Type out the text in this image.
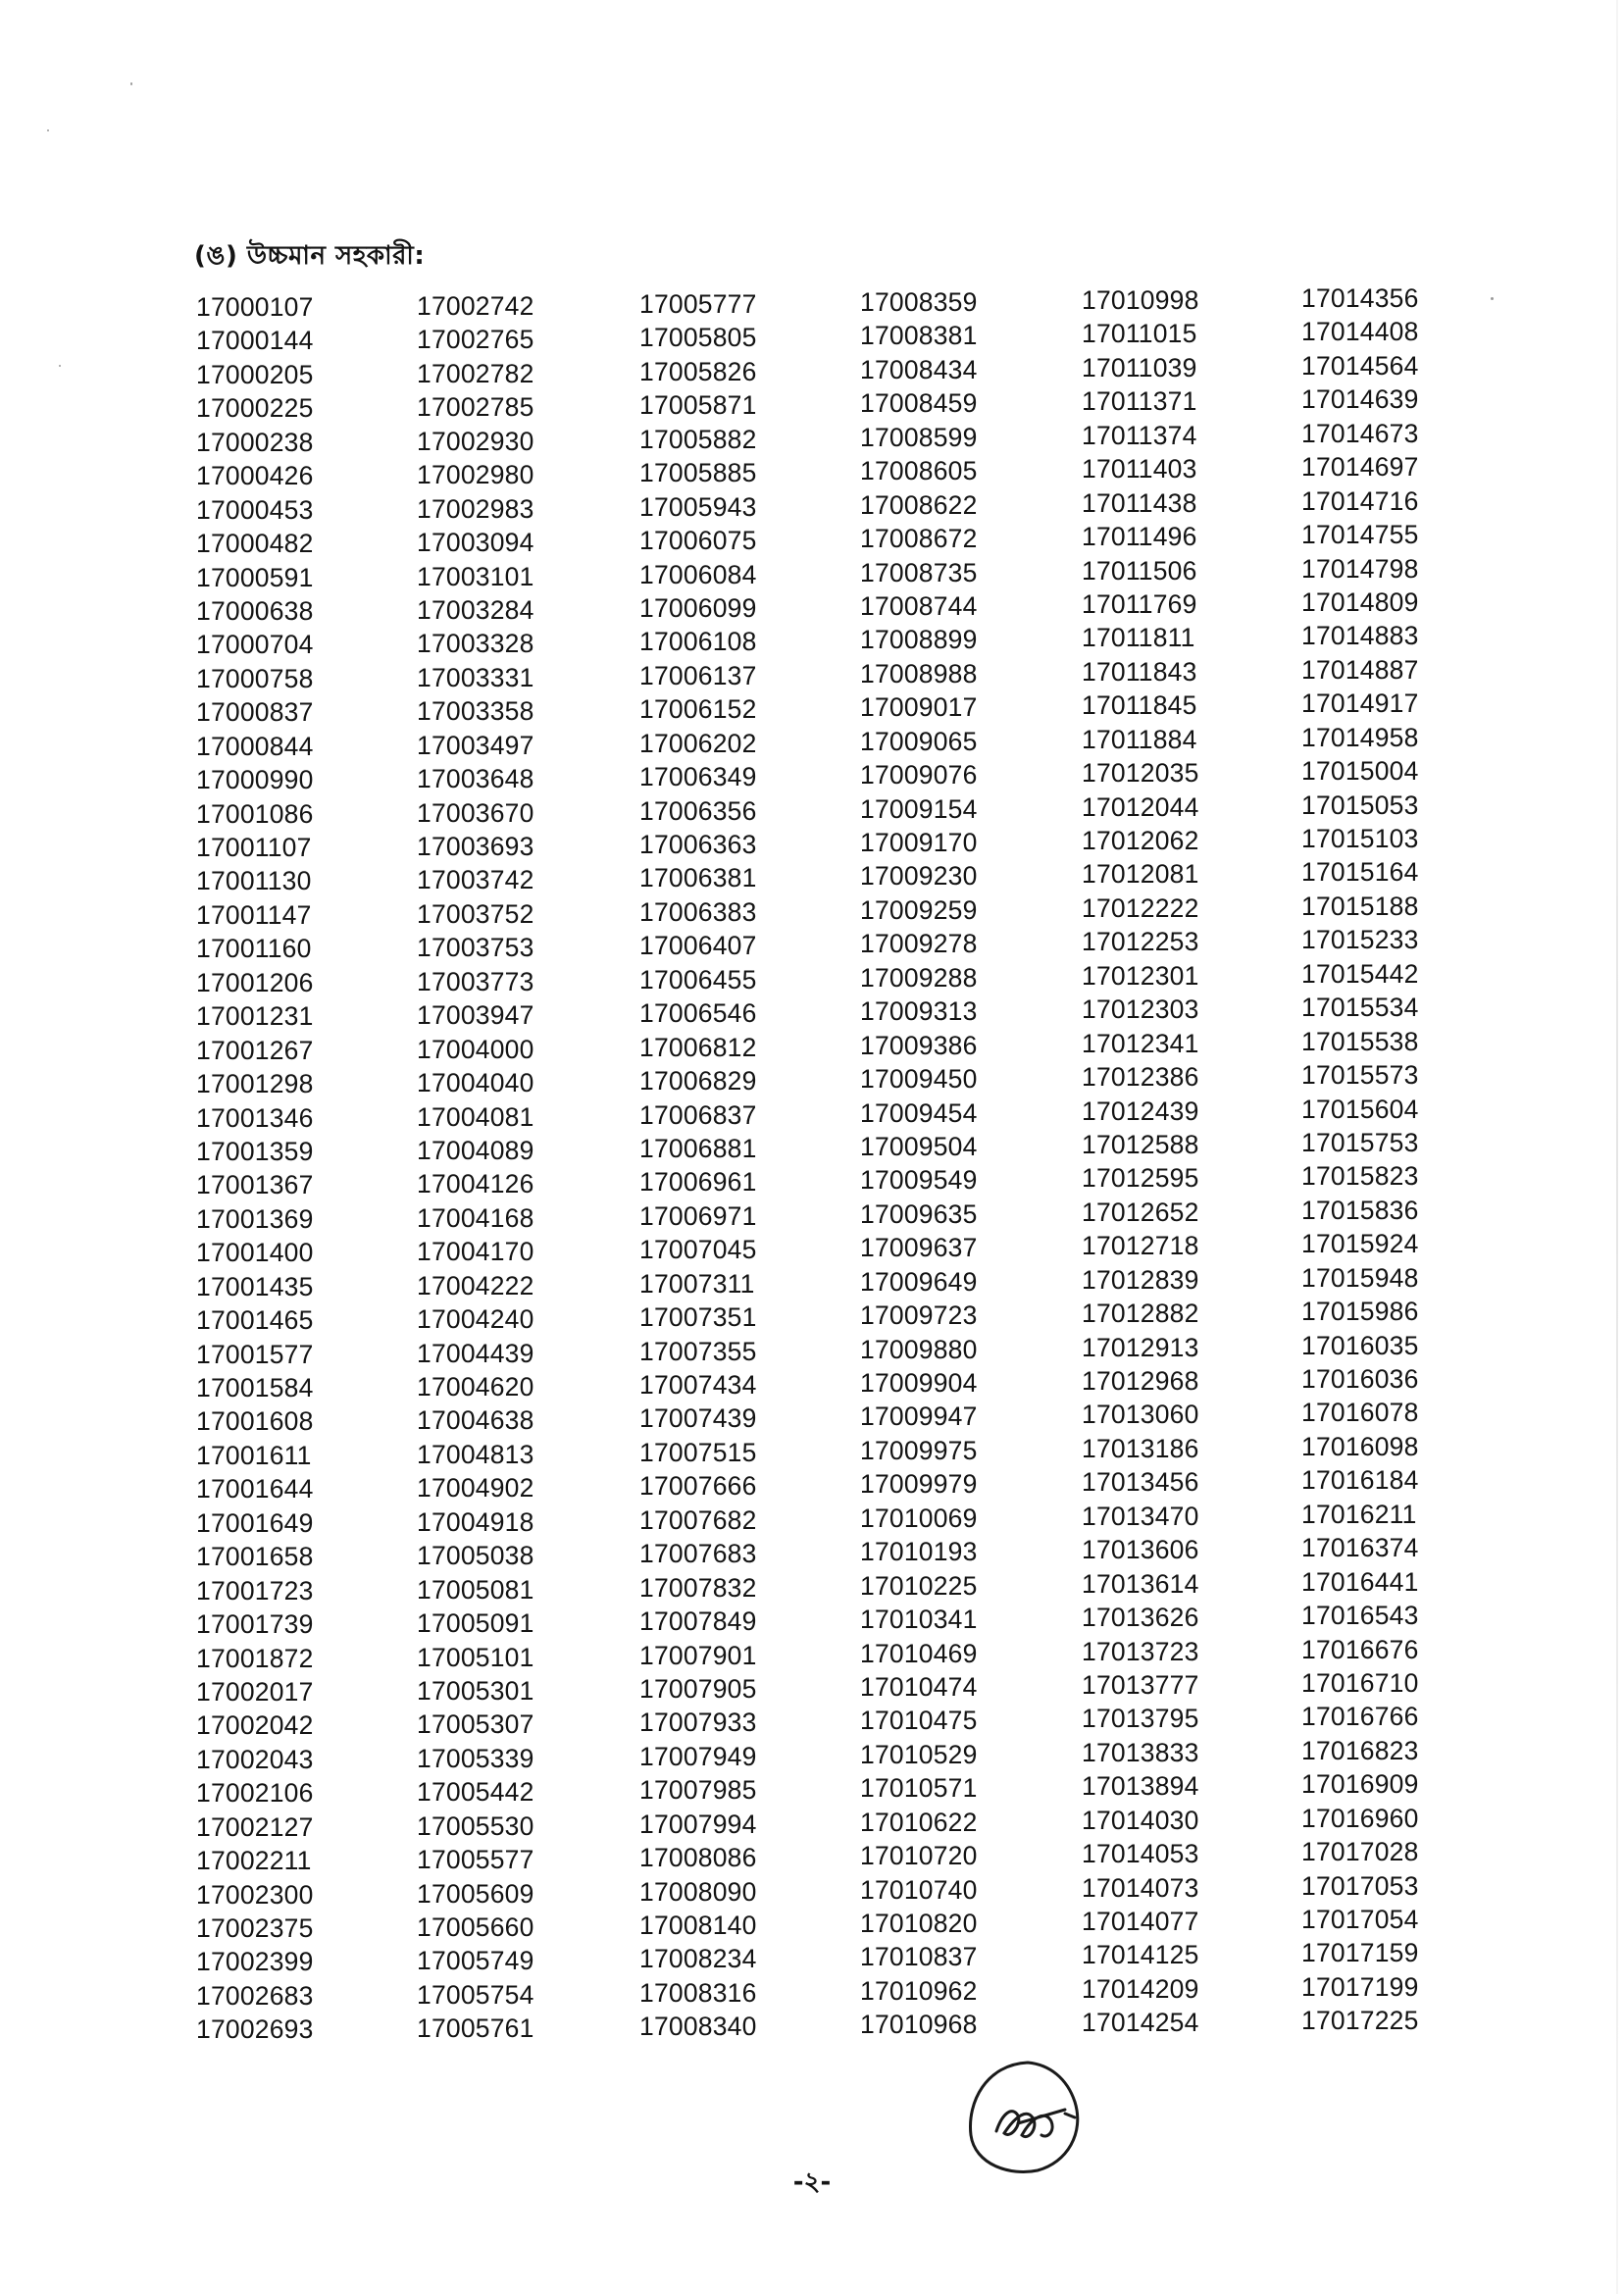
(ঙ) উচ্চমান সহকারী:
17000107
17000144
17000205
17000225
17000238
17000426
17000453
17000482
17000591
17000638
17000704
17000758
17000837
17000844
17000990
17001086
17001107
17001130
17001147
17001160
17001206
17001231
17001267
17001298
17001346
17001359
17001367
17001369
17001400
17001435
17001465
17001577
17001584
17001608
17001611
17001644
17001649
17001658
17001723
17001739
17001872
17002017
17002042
17002043
17002106
17002127
17002211
17002300
17002375
17002399
17002683
17002693
17002742
17002765
17002782
17002785
17002930
17002980
17002983
17003094
17003101
17003284
17003328
17003331
17003358
17003497
17003648
17003670
17003693
17003742
17003752
17003753
17003773
17003947
17004000
17004040
17004081
17004089
17004126
17004168
17004170
17004222
17004240
17004439
17004620
17004638
17004813
17004902
17004918
17005038
17005081
17005091
17005101
17005301
17005307
17005339
17005442
17005530
17005577
17005609
17005660
17005749
17005754
17005761
17005777
17005805
17005826
17005871
17005882
17005885
17005943
17006075
17006084
17006099
17006108
17006137
17006152
17006202
17006349
17006356
17006363
17006381
17006383
17006407
17006455
17006546
17006812
17006829
17006837
17006881
17006961
17006971
17007045
17007311
17007351
17007355
17007434
17007439
17007515
17007666
17007682
17007683
17007832
17007849
17007901
17007905
17007933
17007949
17007985
17007994
17008086
17008090
17008140
17008234
17008316
17008340
17008359
17008381
17008434
17008459
17008599
17008605
17008622
17008672
17008735
17008744
17008899
17008988
17009017
17009065
17009076
17009154
17009170
17009230
17009259
17009278
17009288
17009313
17009386
17009450
17009454
17009504
17009549
17009635
17009637
17009649
17009723
17009880
17009904
17009947
17009975
17009979
17010069
17010193
17010225
17010341
17010469
17010474
17010475
17010529
17010571
17010622
17010720
17010740
17010820
17010837
17010962
17010968
17010998
17011015
17011039
17011371
17011374
17011403
17011438
17011496
17011506
17011769
17011811
17011843
17011845
17011884
17012035
17012044
17012062
17012081
17012222
17012253
17012301
17012303
17012341
17012386
17012439
17012588
17012595
17012652
17012718
17012839
17012882
17012913
17012968
17013060
17013186
17013456
17013470
17013606
17013614
17013626
17013723
17013777
17013795
17013833
17013894
17014030
17014053
17014073
17014077
17014125
17014209
17014254
17014356
17014408
17014564
17014639
17014673
17014697
17014716
17014755
17014798
17014809
17014883
17014887
17014917
17014958
17015004
17015053
17015103
17015164
17015188
17015233
17015442
17015534
17015538
17015573
17015604
17015753
17015823
17015836
17015924
17015948
17015986
17016035
17016036
17016078
17016098
17016184
17016211
17016374
17016441
17016543
17016676
17016710
17016766
17016823
17016909
17016960
17017028
17017053
17017054
17017159
17017199
17017225
-২-
